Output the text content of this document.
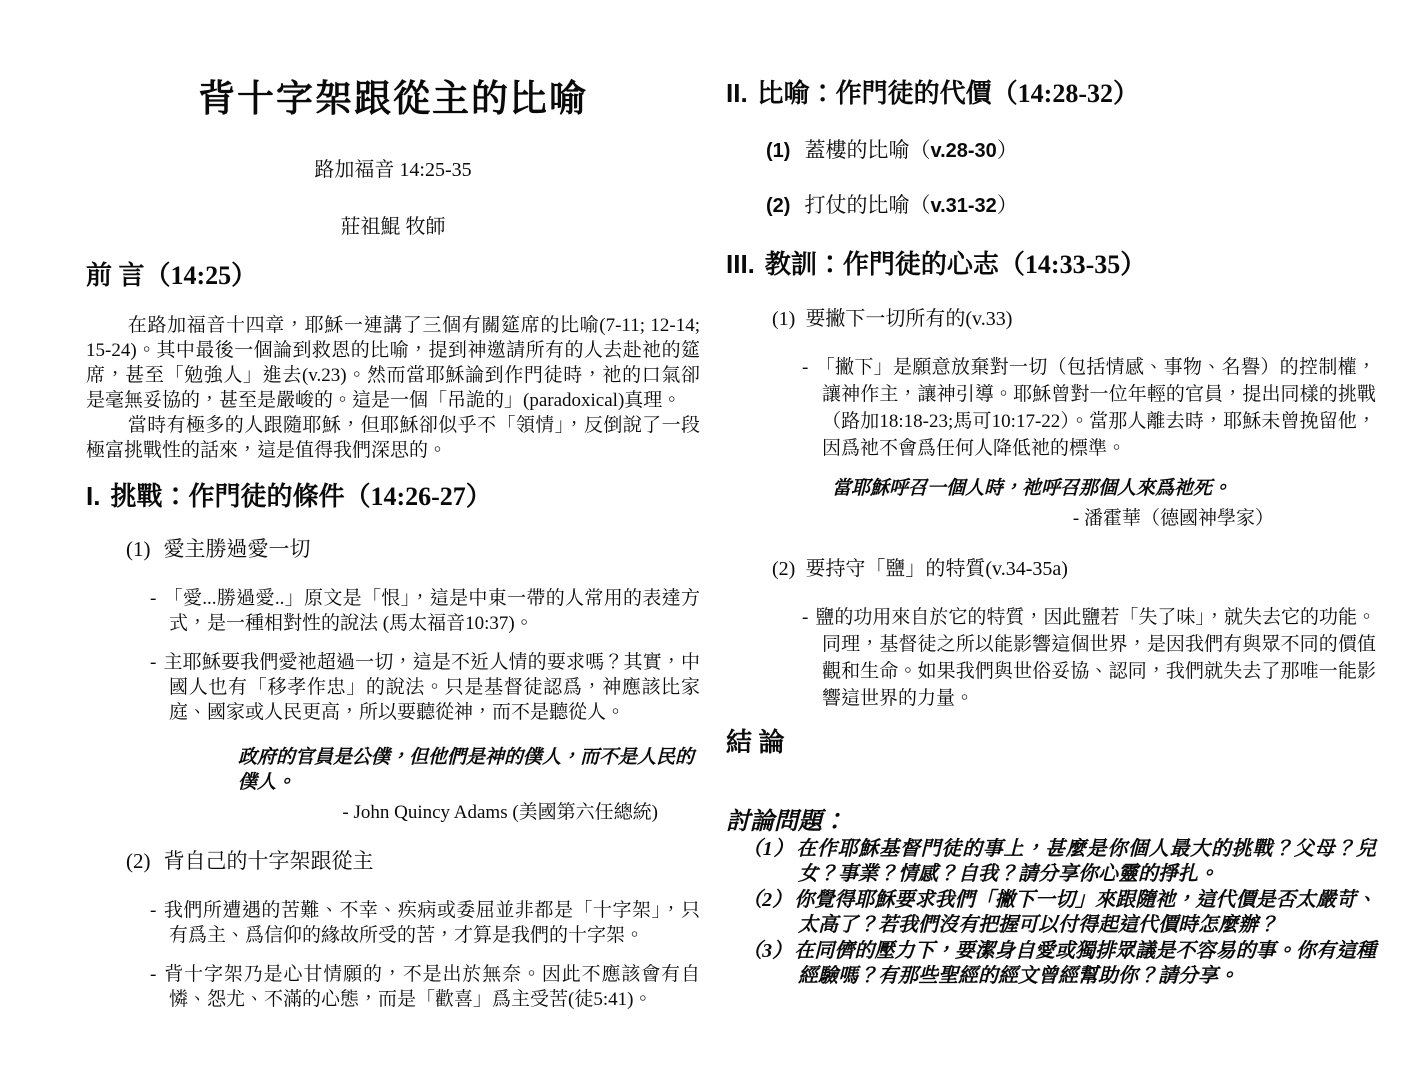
背十字架跟從主的比喻
路加福音 14:25-35
莊祖鯤 牧師
前 言（14:25）

在路加福音十四章，耶穌一連講了三個有關筵席的比喻(7-11; 12-14; 15-24)。其中最後一個論到救恩的比喻，提到神邀請所有的人去赴祂的筵席，甚至「勉強人」進去(v.23)。然而當耶穌論到作門徒時，祂的口氣卻是毫無妥協的，甚至是嚴峻的。這是一個「吊詭的」(paradoxical)真理。

當時有極多的人跟隨耶穌，但耶穌卻似乎不「領情」，反倒說了一段極富挑戰性的話來，這是值得我們深思的。

I. 挑戰：作門徒的條件（14:26-27）
(1) 愛主勝過愛一切

- 「愛...勝過愛..」原文是「恨」，這是中東一帶的人常用的表達方式，是一種相對性的說法 (馬太福音10:37)。

- 主耶穌要我們愛祂超過一切，這是不近人情的要求嗎？其實，中國人也有「移孝作忠」的說法。只是基督徒認爲，神應該比家庭、國家或人民更高，所以要聽從神，而不是聽從人。

政府的官員是公僕，但他們是神的僕人，而不是人民的僕人。

- John Quincy Adams (美國第六任總統)

(2) 背自己的十字架跟從主

- 我們所遭遇的苦難、不幸、疾病或委屈並非都是「十字架」，只有爲主、爲信仰的緣故所受的苦，才算是我們的十字架。

- 背十字架乃是心甘情願的，不是出於無奈。因此不應該會有自憐、怨尤、不滿的心態，而是「歡喜」爲主受苦(徒5:41)。

II. 比喻：作門徒的代價（14:28-32）
(1) 蓋樓的比喻（v.28-30）
(2) 打仗的比喻（v.31-32）
III. 教訓：作門徒的心志（14:33-35）
(1) 要撇下一切所有的(v.33)

- 「撇下」是願意放棄對一切（包括情感、事物、名譽）的控制權，讓神作主，讓神引導。耶穌曾對一位年輕的官員，提出同樣的挑戰（路加18:18-23;馬可10:17-22）。當那人離去時，耶穌未曾挽留他，因爲祂不會爲任何人降低祂的標準。

當耶穌呼召一個人時，祂呼召那個人來爲祂死。

- 潘霍華（德國神學家）

(2) 要持守「鹽」的特質(v.34-35a)

- 鹽的功用來自於它的特質，因此鹽若「失了味」，就失去它的功能。同理，基督徒之所以能影響這個世界，是因我們有與眾不同的價值觀和生命。如果我們與世俗妥協、認同，我們就失去了那唯一能影響這世界的力量。

結 論
討論問題：

（1） 在作耶穌基督門徒的事上，甚麼是你個人最大的挑戰？父母？兒女？事業？情感？自我？請分享你心靈的掙扎。

（2） 你覺得耶穌要求我們「撇下一切」來跟隨祂，這代價是否太嚴苛、太高了？若我們沒有把握可以付得起這代價時怎麼辦？

（3） 在同儕的壓力下，要潔身自愛或獨排眾議是不容易的事。你有這種經驗嗎？有那些聖經的經文曾經幫助你？請分享。
